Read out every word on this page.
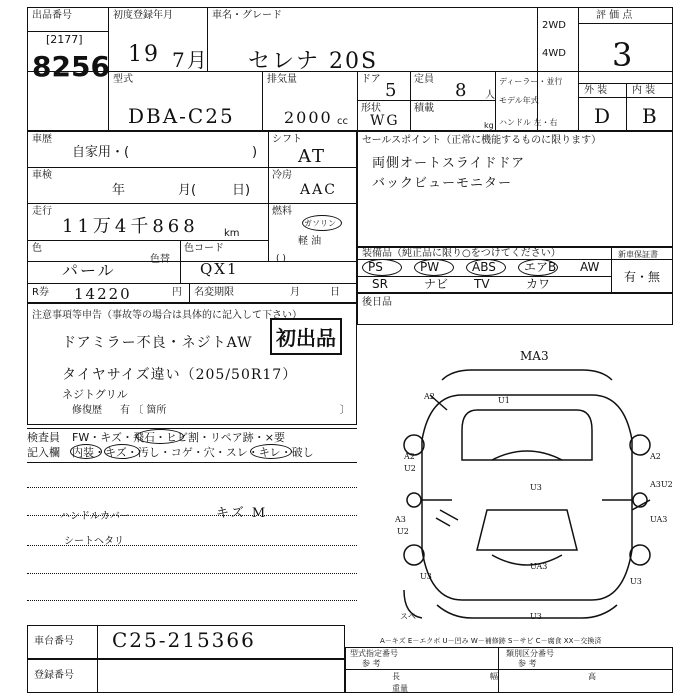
出品番号
[2177]
8256
初度登録年月
19 7月
車名・グレード
セレナ 20S
2WD
4WD
評 価 点
3
外 装 内 装
D B
型式
DBA-C25
排気量
2000 cc
ドア
5
定員
8 人
形状
WG
積載
kg
ディーラー・並行
モデル年式
ハンドル 左・右
車歴
自家用・(	)
車検
年	月(	日)
走行
11万4千868	km
色
パール
色替
色コード
QX1
R券 14220	円 名変期限	月	日
シフト
AT
冷房
AAC
燃料
ガソリン
軽 油
( )
セールスポイント（正常に機能するものに限ります）
両側オートスライドドア
バックビューモニター
装備品（純正品に限り○をつけてください）	新車保証書
有・無
PS	PW	ABS エアB AW
SR	ナビ TV	カワ
注意事項等申告（事故等の場合は具体的に記入して下さい）
初出品
ドアミラー不良・ネジトAW
タイヤサイズ違い（205/50R17）
ネジトグリル
修復歴 有 〔 箇所	〕
後日品
検査員
記入欄
FW・キズ・飛石・ヒビ割・リペア跡・×要
内装・キズ・汚し・コゲ・穴・スレ・キレ・破し
ハンドルカバー	キズ M
シートヘタリ
MA3
A2	U1
A2
U2
A3
U2
A2
A3U2
UA3
U3
U3
UA3
U3
U3
スペ
A－キズ E－エクボ U－凹み W－補修跡 S－サビ C－腐食 XX－交換済
車台番号 C25-215366
登録番号
型式指定番号
参 考
類別区分番号
参 考
長	幅	高
重量
